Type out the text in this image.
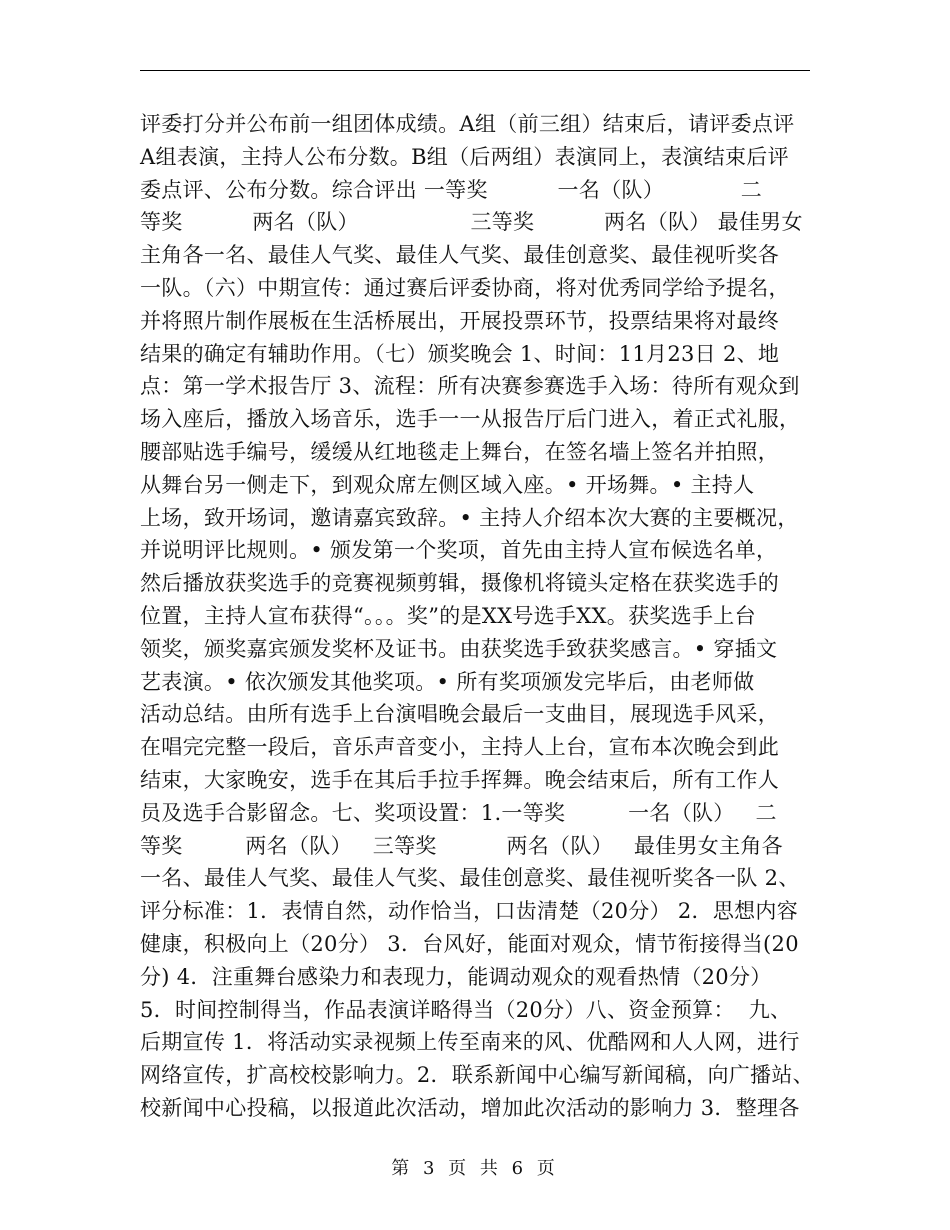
评委打分并公布前一组团体成绩。A组（前三组）结束后，请评委点评
A组表演，主持人公布分数。B组（后两组）表演同上，表演结束后评
委点评、公布分数。综合评出 一等奖          一名（队）           二
等奖          两名（队）                三等奖          两名（队） 最佳男女
主角各一名、最佳人气奖、最佳人气奖、最佳创意奖、最佳视听奖各
一队。（六）中期宣传：通过赛后评委协商，将对优秀同学给予提名，
并将照片制作展板在生活桥展出，开展投票环节，投票结果将对最终
结果的确定有辅助作用。（七）颁奖晚会 1、时间：11月23日 2、地
点：第一学术报告厅 3、流程：所有决赛参赛选手入场：待所有观众到
场入座后，播放入场音乐，选手一一从报告厅后门进入，着正式礼服，
腰部贴选手编号，缓缓从红地毯走上舞台，在签名墙上签名并拍照，
从舞台另一侧走下，到观众席左侧区域入座。• 开场舞。• 主持人
上场，致开场词，邀请嘉宾致辞。• 主持人介绍本次大赛的主要概况，
并说明评比规则。• 颁发第一个奖项，首先由主持人宣布候选名单，
然后播放获奖选手的竞赛视频剪辑，摄像机将镜头定格在获奖选手的
位置，主持人宣布获得“。。。奖”的是XX号选手XX。获奖选手上台
领奖，颁奖嘉宾颁发奖杯及证书。由获奖选手致获奖感言。• 穿插文
艺表演。• 依次颁发其他奖项。• 所有奖项颁发完毕后，由老师做
活动总结。由所有选手上台演唱晚会最后一支曲目，展现选手风采，
在唱完完整一段后，音乐声音变小，主持人上台，宣布本次晚会到此
结束，大家晚安，选手在其后手拉手挥舞。晚会结束后，所有工作人
员及选手合影留念。七、奖项设置：1.一等奖         一名（队）   二
等奖         两名（队）   三等奖          两名（队）   最佳男女主角各
一名、最佳人气奖、最佳人气奖、最佳创意奖、最佳视听奖各一队 2、
评分标准：1．表情自然，动作恰当，口齿清楚（20分） 2．思想内容
健康，积极向上（20分） 3．台风好，能面对观众，情节衔接得当(20
分) 4．注重舞台感染力和表现力，能调动观众的观看热情（20分）
5．时间控制得当，作品表演详略得当（20分）八、资金预算：  九、
后期宣传 1．将活动实录视频上传至南来的风、优酷网和人人网，进行
网络宣传，扩高校校影响力。2．联系新闻中心编写新闻稿，向广播站、
校新闻中心投稿，以报道此次活动，增加此次活动的影响力 3．整理各
第 3 页 共 6 页
